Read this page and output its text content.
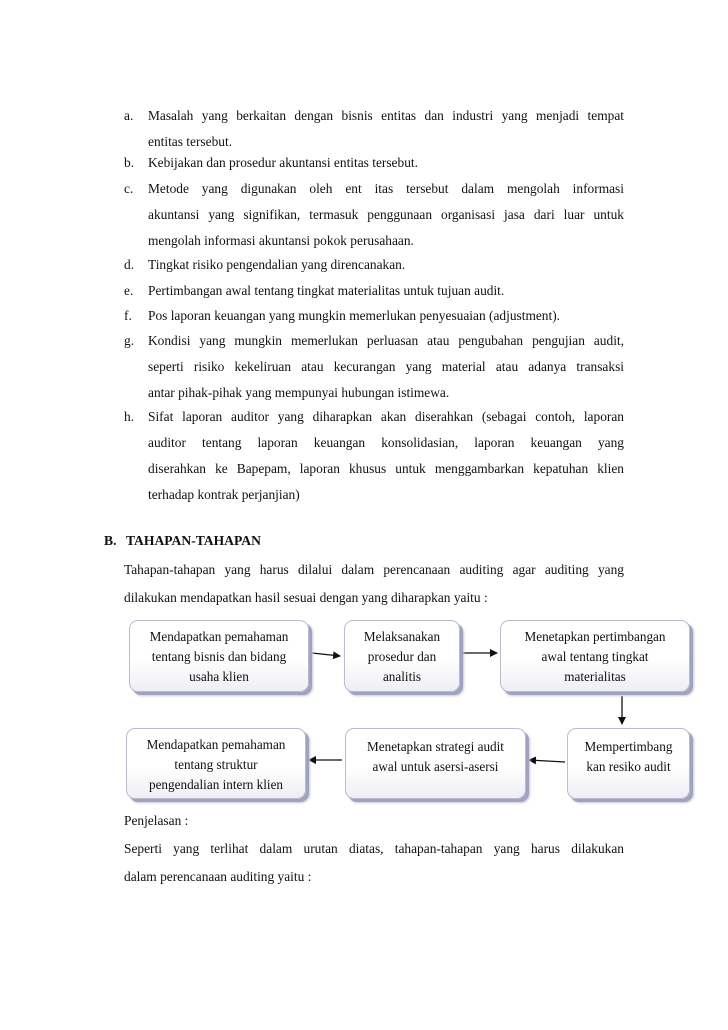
a.	Masalah yang berkaitan dengan bisnis entitas dan industri yang menjadi tempat
entitas tersebut.
b.	Kebijakan dan prosedur akuntansi entitas tersebut.
c.	Metode yang digunakan oleh ent itas tersebut dalam mengolah informasi
akuntansi yang signifikan, termasuk penggunaan organisasi jasa dari luar untuk
mengolah informasi akuntansi pokok perusahaan.
d.	Tingkat risiko pengendalian yang direncanakan.
e.	Pertimbangan awal tentang tingkat materialitas untuk tujuan audit.
f.	Pos laporan keuangan yang mungkin memerlukan penyesuaian (adjustment).
g.	Kondisi yang mungkin memerlukan perluasan atau pengubahan pengujian audit,
seperti risiko kekeliruan atau kecurangan yang material atau adanya transaksi
antar pihak-pihak yang mempunyai hubungan istimewa.
h.	Sifat laporan auditor yang diharapkan akan diserahkan (sebagai contoh, laporan
auditor tentang laporan keuangan konsolidasian, laporan keuangan yang
diserahkan ke Bapepam, laporan khusus untuk menggambarkan kepatuhan klien
terhadap kontrak perjanjian)
B. TAHAPAN-TAHAPAN
Tahapan-tahapan yang harus dilalui dalam perencanaan auditing agar auditing yang
dilakukan mendapatkan hasil sesuai dengan yang diharapkan yaitu :
Mendapatkan pemahaman
tentang bisnis dan bidang
usaha klien
Melaksanakan
prosedur dan
analitis
Menetapkan pertimbangan
awal tentang tingkat
materialitas
Mempertimbang
kan resiko audit
Menetapkan strategi audit
awal untuk asersi-asersi
Mendapatkan pemahaman
tentang struktur
pengendalian intern klien
Penjelasan :
Seperti yang terlihat dalam urutan diatas, tahapan-tahapan yang harus dilakukan
dalam perencanaan auditing yaitu :
